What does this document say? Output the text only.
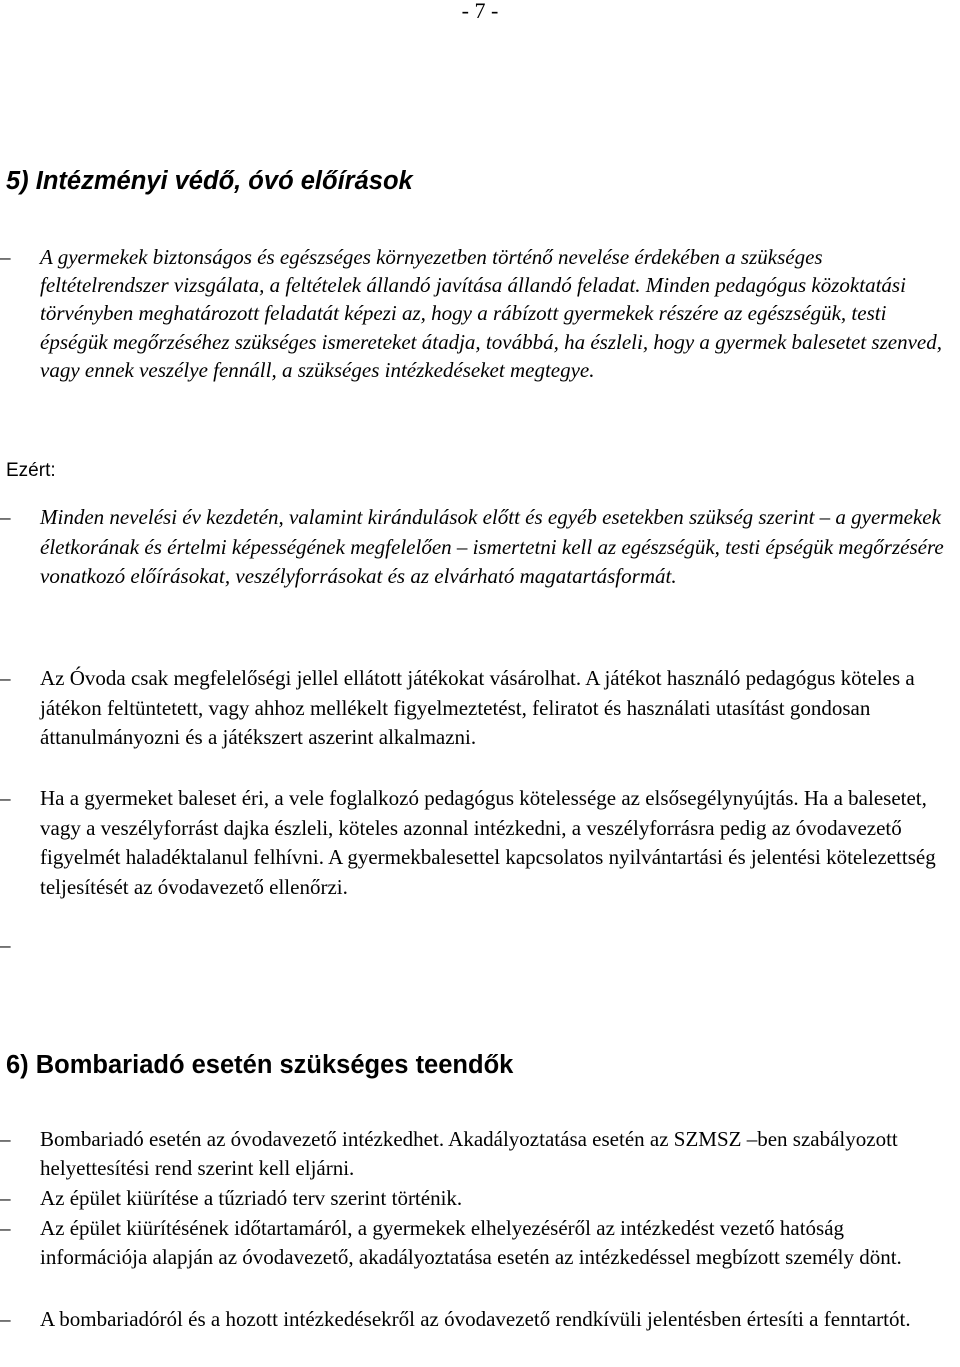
- 7 -
5) Intézményi védő, óvó előírások
– A gyermekek biztonságos és egészséges környezetben történő nevelése érdekében a szükséges feltételrendszer vizsgálata, a feltételek állandó javítása állandó feladat. Minden pedagógus közoktatási törvényben meghatározott feladatát képezi az, hogy a rábízott gyermekek részére az egészségük, testi épségük megőrzéséhez szükséges ismereteket átadja, továbbá, ha észleli, hogy a gyermek balesetet szenved, vagy ennek veszélye fennáll, a szükséges intézkedéseket megtegye.
Ezért:
– Minden nevelési év kezdetén, valamint kirándulások előtt és egyéb esetekben szükség szerint – a gyermekek életkorának és értelmi képességének megfelelően – ismertetni kell az egészségük, testi épségük megőrzésére vonatkozó előírásokat, veszélyforrásokat és az elvárható magatartásformát.
– Az Óvoda csak megfelelőségi jellel ellátott játékokat vásárolhat. A játékot használó pedagógus köteles a játékon feltüntetett, vagy ahhoz mellékelt figyelmeztetést, feliratot és használati utasítást gondosan áttanulmányozni és a játékszert aszerint alkalmazni.
– Ha a gyermeket baleset éri, a vele foglalkozó pedagógus kötelessége az elsősegélynyújtás. Ha a balesetet, vagy a veszélyforrást dajka észleli, köteles azonnal intézkedni, a veszélyforrásra pedig az óvodavezető figyelmét haladéktalanul felhívni. A gyermekbalesettel kapcsolatos nyilvántartási és jelentési kötelezettség teljesítését az óvodavezető ellenőrzi.
–
6) Bombariadó esetén szükséges teendők
– Bombariadó esetén az óvodavezető intézkedhet. Akadályoztatása esetén az SZMSZ –ben szabályozott helyettesítési rend szerint kell eljárni.
– Az épület kiürítése a tűzriadó terv szerint történik.
– Az épület kiürítésének időtartamáról, a gyermekek elhelyezéséről az intézkedést vezető hatóság információja alapján az óvodavezető, akadályoztatása esetén az intézkedéssel megbízott személy dönt.
– A bombariadóról és a hozott intézkedésekről az óvodavezető rendkívüli jelentésben értesíti a fenntartót.
